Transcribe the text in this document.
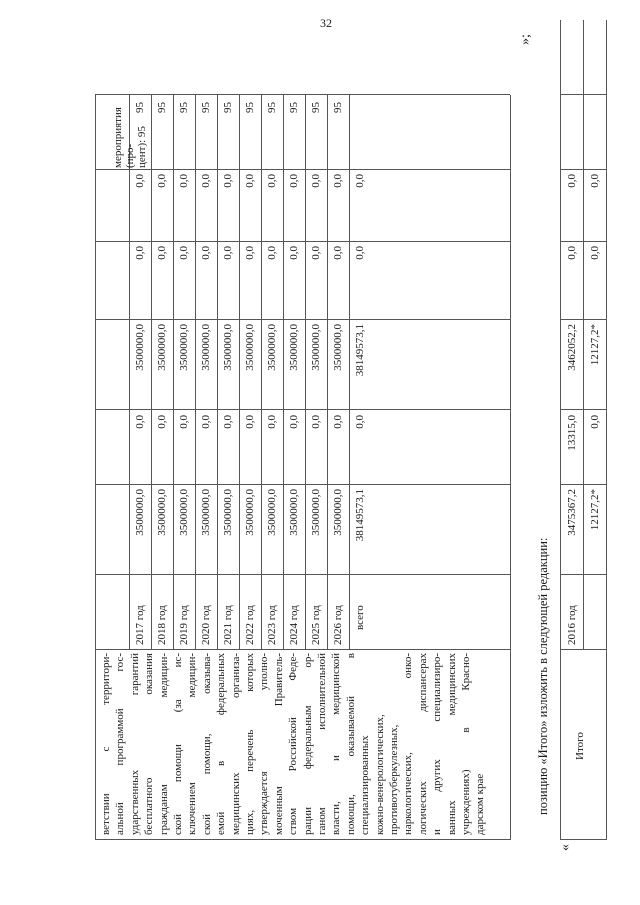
32
»;
позицию «Итого» изложить в следующей редакции:
«
ветствии с территори- альной программой гос- ударственных гарантий бесплатного оказания гражданам медицин- ской помощи (за ис- ключением медицин- ской помощи, оказыва- емой в федеральных медицинских организа- циях, перечень которых утверждается уполно- моченным Правитель- ством Российской Феде- рации федеральным ор- ганом исполнительной власти, и медицинской помощи, оказываемой в специализированных кожно-венерологических, противотуберкулезных, наркологических, онко- логических диспансерах и других специализиро- ванных медицинских учреждениях) в Красно- дарском крае
мероприятия (про-
цент): 95
2017 год
3500000,0
0,0
3500000,0
0,0
0,0
95
2018 год
3500000,0
0,0
3500000,0
0,0
0,0
95
2019 год
3500000,0
0,0
3500000,0
0,0
0,0
95
2020 год
3500000,0
0,0
3500000,0
0,0
0,0
95
2021 год
3500000,0
0,0
3500000,0
0,0
0,0
95
2022 год
3500000,0
0,0
3500000,0
0,0
0,0
95
2023 год
3500000,0
0,0
3500000,0
0,0
0,0
95
2024 год
3500000,0
0,0
3500000,0
0,0
0,0
95
2025 год
3500000,0
0,0
3500000,0
0,0
0,0
95
2026 год
3500000,0
0,0
3500000,0
0,0
0,0
95
всего
38149573,1
0,0
38149573,1
0,0
0,0
Итого
2016 год
3475367,2
13315,0
3462052,2
0,0
0,0
12127,2*
0,0
12127,2*
0,0
0,0
